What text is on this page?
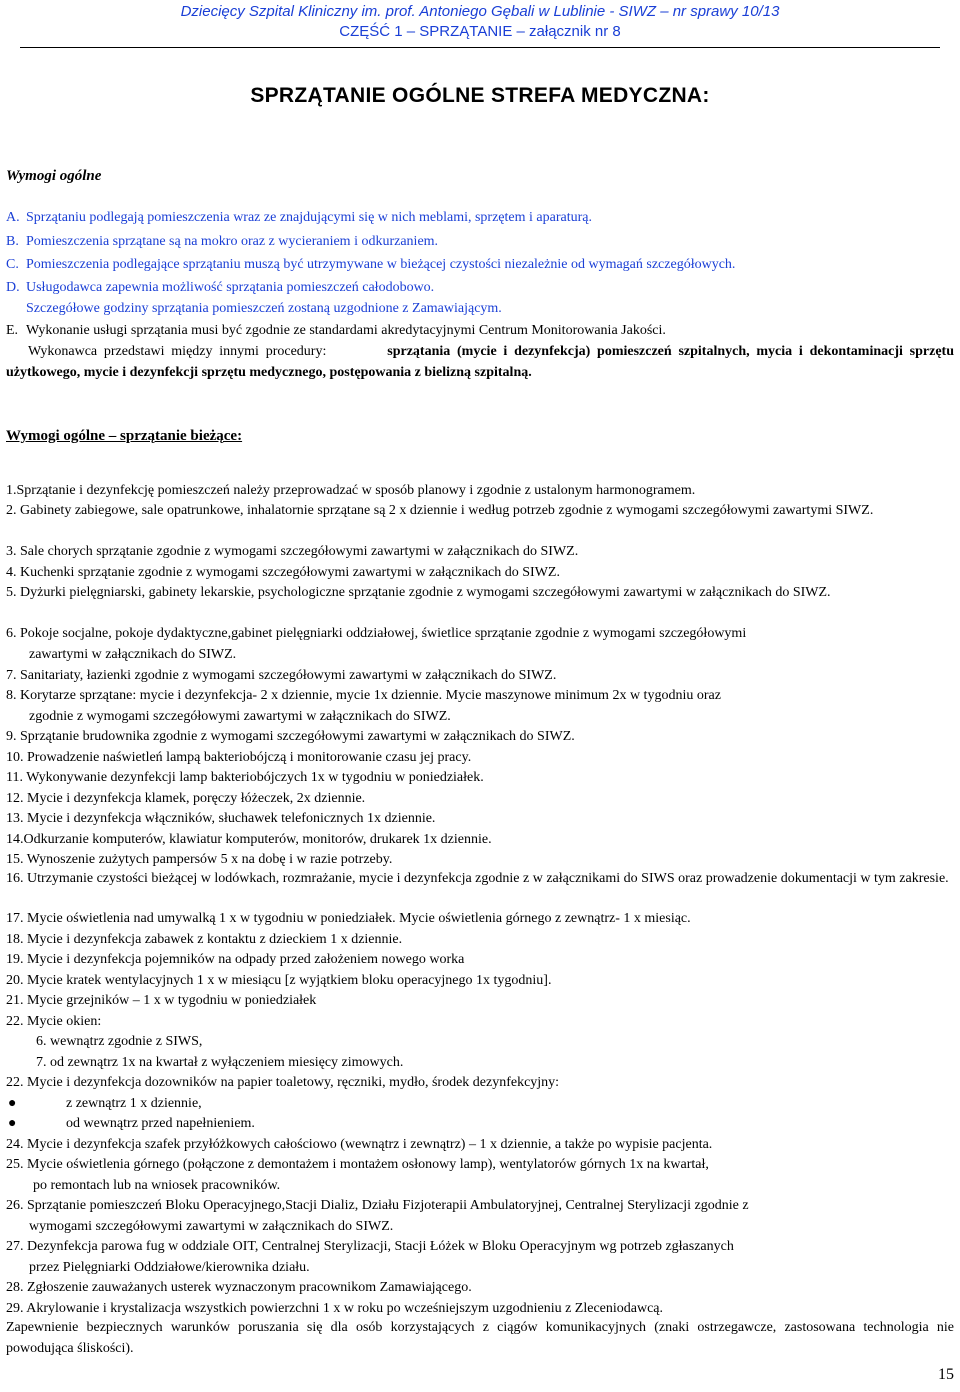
Dziecięcy Szpital Kliniczny im. prof. Antoniego Gębali w Lublinie - SIWZ – nr sprawy 10/13
CZĘŚĆ 1 – SPRZĄTANIE – załącznik nr 8
SPRZĄTANIE OGÓLNE STREFA MEDYCZNA:
Wymogi ogólne
A. Sprzątaniu podlegają pomieszczenia wraz ze znajdującymi się w nich meblami, sprzętem i aparaturą.
B. Pomieszczenia sprzątane są na mokro oraz z wycieraniem i odkurzaniem.
C. Pomieszczenia podlegające sprzątaniu muszą być utrzymywane w bieżącej czystości niezależnie od wymagań szczegółowych.
D. Usługodawca zapewnia możliwość sprzątania pomieszczeń całodobowo.
Szczegółowe godziny sprzątania pomieszczeń zostaną uzgodnione z Zamawiającym.
E. Wykonanie usługi sprzątania musi być zgodnie ze standardami akredytacyjnymi Centrum Monitorowania Jakości.
Wykonawca przedstawi między innymi procedury:	sprzątania (mycie i dezynfekcja) pomieszczeń szpitalnych, mycia i dekontaminacji sprzętu użytkowego, mycie i dezynfekcji sprzętu medycznego, postępowania z bielizną szpitalną.
Wymogi ogólne – sprzątanie bieżące:
1.Sprzątanie i dezynfekcję pomieszczeń należy przeprowadzać w sposób planowy i zgodnie z ustalonym harmonogramem.
2. Gabinety zabiegowe, sale opatrunkowe, inhalatornie sprzątane są 2 x dziennie i według potrzeb zgodnie z wymogami szczegółowymi zawartymi SIWZ.
3. Sale chorych sprzątanie zgodnie z wymogami szczegółowymi zawartymi w załącznikach do SIWZ.
4. Kuchenki sprzątanie zgodnie z wymogami szczegółowymi zawartymi w załącznikach do SIWZ.
5. Dyżurki pielęgniarski, gabinety lekarskie, psychologiczne sprzątanie zgodnie z wymogami szczegółowymi zawartymi w załącznikach do SIWZ.
6. Pokoje socjalne, pokoje dydaktyczne,gabinet pielęgniarki oddziałowej, świetlice sprzątanie zgodnie z wymogami szczegółowymi
zawartymi w załącznikach do SIWZ.
7. Sanitariaty, łazienki zgodnie z wymogami szczegółowymi zawartymi w załącznikach do SIWZ.
8. Korytarze sprzątane: mycie i dezynfekcja- 2 x dziennie, mycie 1x dziennie. Mycie maszynowe minimum 2x w tygodniu oraz
zgodnie z wymogami szczegółowymi zawartymi w załącznikach do SIWZ.
9. Sprzątanie brudownika zgodnie z wymogami szczegółowymi zawartymi w załącznikach do SIWZ.
10. Prowadzenie naświetleń lampą bakteriobójczą i monitorowanie czasu jej pracy.
11. Wykonywanie dezynfekcji lamp bakteriobójczych 1x w tygodniu w poniedziałek.
12. Mycie i dezynfekcja klamek, poręczy łóżeczek, 2x dziennie.
13. Mycie i dezynfekcja włączników, słuchawek telefonicznych 1x dziennie.
14.Odkurzanie komputerów, klawiatur komputerów, monitorów, drukarek 1x dziennie.
15. Wynoszenie zużytych pampersów 5 x na dobę i w razie potrzeby.
16. Utrzymanie czystości bieżącej w lodówkach, rozmrażanie, mycie i dezynfekcja zgodnie z w załącznikami do SIWS oraz prowadzenie dokumentacji w tym zakresie.
17. Mycie oświetlenia nad umywalką 1 x w tygodniu w poniedziałek. Mycie oświetlenia górnego z zewnątrz- 1 x miesiąc.
18. Mycie i dezynfekcja zabawek z kontaktu z dzieckiem 1 x dziennie.
19. Mycie i dezynfekcja pojemników na odpady przed założeniem nowego worka
20. Mycie kratek wentylacyjnych 1 x w miesiącu [z wyjątkiem bloku operacyjnego 1x tygodniu].
21. Mycie grzejników – 1 x w tygodniu w poniedziałek
22. Mycie okien:
6. wewnątrz zgodnie z SIWS,
7. od zewnątrz 1x na kwartał z wyłączeniem miesięcy zimowych.
22. Mycie i dezynfekcja dozowników na papier toaletowy, ręczniki, mydło, środek dezynfekcyjny:
●	z zewnątrz 1 x dziennie,
●	od wewnątrz przed napełnieniem.
24. Mycie i dezynfekcja szafek przyłóżkowych całościowo (wewnątrz i zewnątrz) – 1 x dziennie, a także po wypisie pacjenta.
25. Mycie oświetlenia górnego (połączone z demontażem i montażem osłonowy lamp), wentylatorów górnych 1x na kwartał,
po remontach lub na wniosek pracowników.
26. Sprzątanie pomieszczeń Bloku Operacyjnego,Stacji Dializ, Działu Fizjoterapii Ambulatoryjnej, Centralnej Sterylizacji zgodnie z
wymogami szczegółowymi zawartymi w załącznikach do SIWZ.
27. Dezynfekcja parowa fug w oddziale OIT, Centralnej Sterylizacji, Stacji Łóżek w Bloku Operacyjnym wg potrzeb zgłaszanych
przez Pielęgniarki Oddziałowe/kierownika działu.
28. Zgłoszenie zauważanych usterek wyznaczonym pracownikom Zamawiającego.
29. Akrylowanie i krystalizacja wszystkich powierzchni 1 x w roku po wcześniejszym uzgodnieniu z Zleceniodawcą.
Zapewnienie bezpiecznych warunków poruszania się dla osób korzystających z ciągów komunikacyjnych (znaki ostrzegawcze, zastosowana technologia nie powodująca śliskości).
15
